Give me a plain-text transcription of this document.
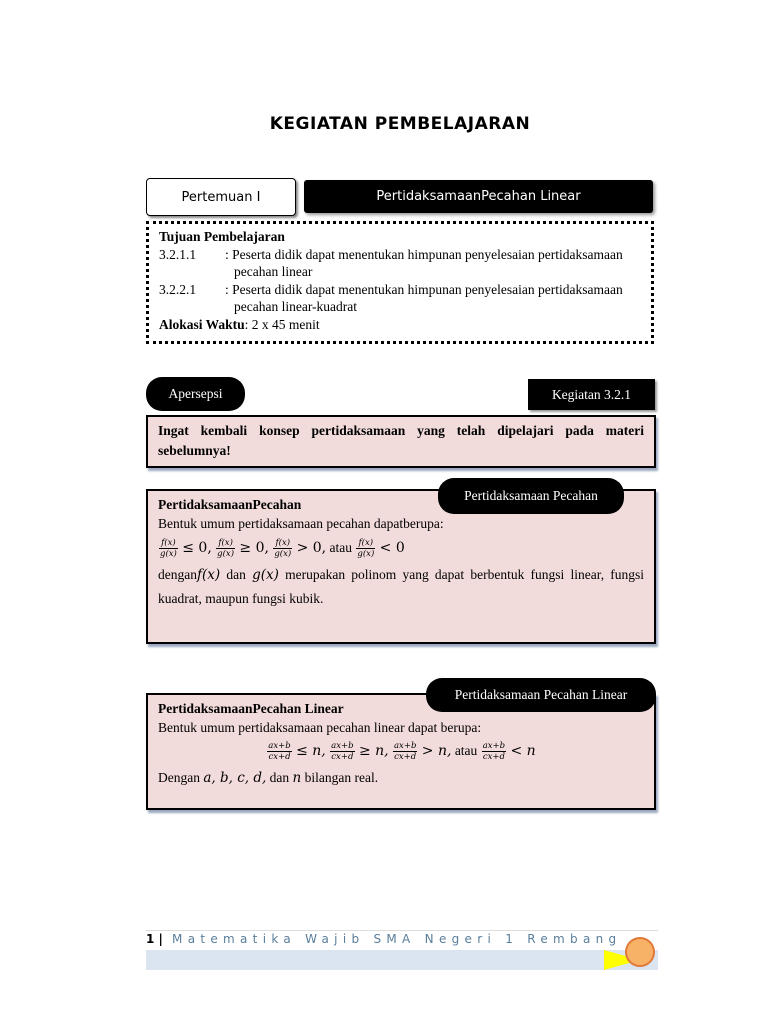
KEGIATAN PEMBELAJARAN
Pertemuan I	PertidaksamaanPecahan Linear
Tujuan Pembelajaran
3.2.1.1	: Peserta didik dapat menentukan himpunan penyelesaian pertidaksamaan
pecahan linear
3.2.2.1	: Peserta didik dapat menentukan himpunan penyelesaian pertidaksamaan
pecahan linear-kuadrat
Alokasi Waktu: 2 x 45 menit
Apersepsi	Kegiatan 3.2.1
Ingat kembali konsep pertidaksamaan yang telah dipelajari pada materi sebelumnya!
PertidaksamaanPecahan
Bentuk umum pertidaksamaan pecahan dapatberupa:
$\frac{f(x)}{g(x)} \le 0$, $\frac{f(x)}{g(x)} \ge 0$, $\frac{f(x)}{g(x)} > 0$, atau $\frac{f(x)}{g(x)} < 0$
denganf(x) dan g(x) merupakan polinom yang dapat berbentuk fungsi linear, fungsi kuadrat, maupun fungsi kubik.
Pertidaksamaan Pecahan
PertidaksamaanPecahan Linear
Bentuk umum pertidaksamaan pecahan linear dapat berupa:
$\frac{ax+b}{cx+d} \le n$, $\frac{ax+b}{cx+d} \ge n$, $\frac{ax+b}{cx+d} > n$, atau $\frac{ax+b}{cx+d} < n$
Dengan a, b, c, d, dan n bilangan real.
Pertidaksamaan Pecahan Linear
1 | Matematika Wajib SMA Negeri 1 Rembang
